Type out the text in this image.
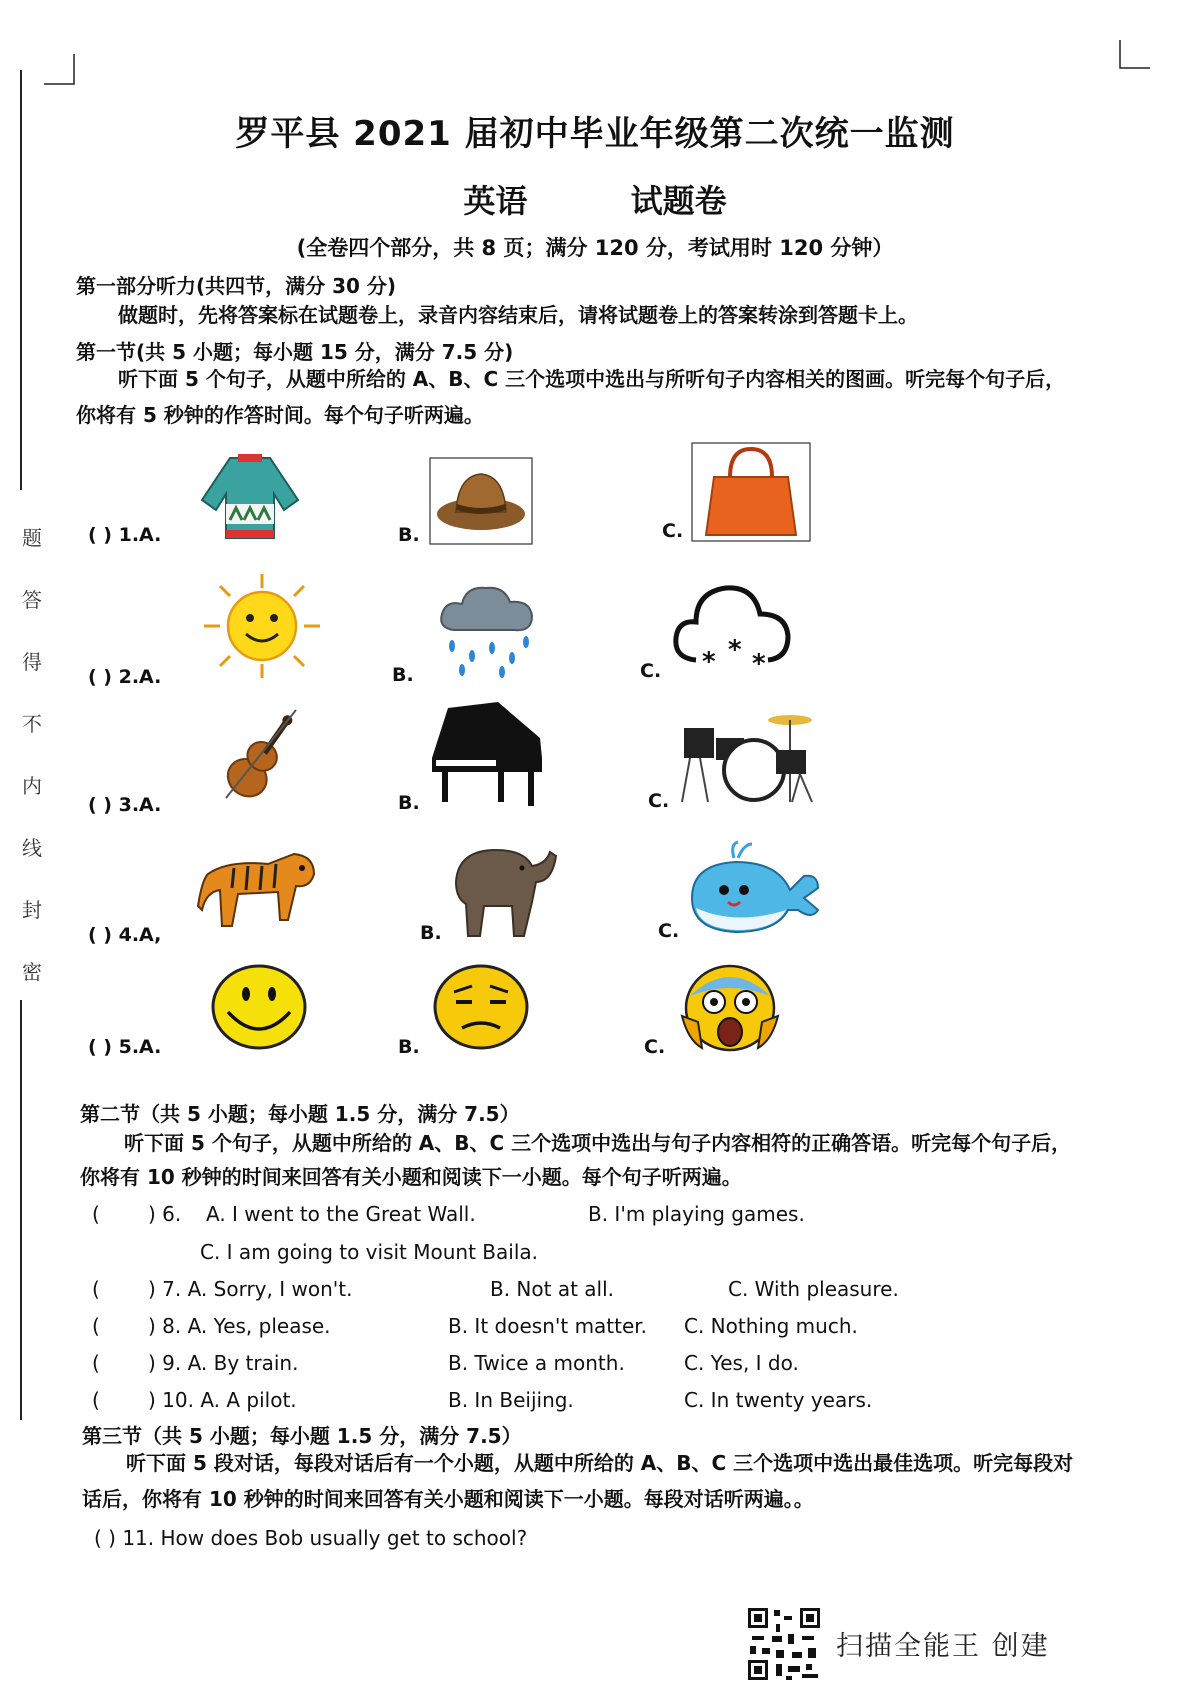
题
答
得
不
内
线
封
密
罗平县 2021 届初中毕业年级第二次统一监测
英语	试题卷
(全卷四个部分，共 8 页；满分 120 分，考试用时 120 分钟）
第一部分听力(共四节，满分 30 分)
做题时，先将答案标在试题卷上，录音内容结束后，请将试题卷上的答案转涂到答题卡上。
第一节(共 5 小题；每小题 15 分，满分 7.5 分)
听下面 5 个句子，从题中所给的 A、B、C 三个选项中选出与所听句子内容相关的图画。听完每个句子后，
你将有 5 秒钟的作答时间。每个句子听两遍。
( ) 1.A.	B.	C.
( ) 2.A.	B.	C. * * *
( ) 3.A.	B.	C.
( ) 4.A,	B.	C.
( ) 5.A.	B.	C.
第二节（共 5 小题；每小题 1.5 分，满分 7.5）
听下面 5 个句子，从题中所给的 A、B、C 三个选项中选出与句子内容相符的正确答语。听完每个句子后，
你将有 10 秒钟的时间来回答有关小题和阅读下一小题。每个句子听两遍。
( ) 6. A. I went to the Great Wall.	B. I'm playing games.
C. I am going to visit Mount Baila.
( ) 7. A. Sorry, I won't.	B. Not at all.	C. With pleasure.
( ) 8. A. Yes, please.	B. It doesn't matter. C. Nothing much.
( ) 9. A. By train.	B. Twice a month.	C. Yes, I do.
( ) 10. A. A pilot.	B. In Beijing.	C. In twenty years.
第三节（共 5 小题；每小题 1.5 分，满分 7.5）
听下面 5 段对话，每段对话后有一个小题，从题中所给的 A、B、C 三个选项中选出最佳选项。听完每段对
话后，你将有 10 秒钟的时间来回答有关小题和阅读下一小题。每段对话听两遍。。
( ) 11. How does Bob usually get to school?
扫描全能王 创建
